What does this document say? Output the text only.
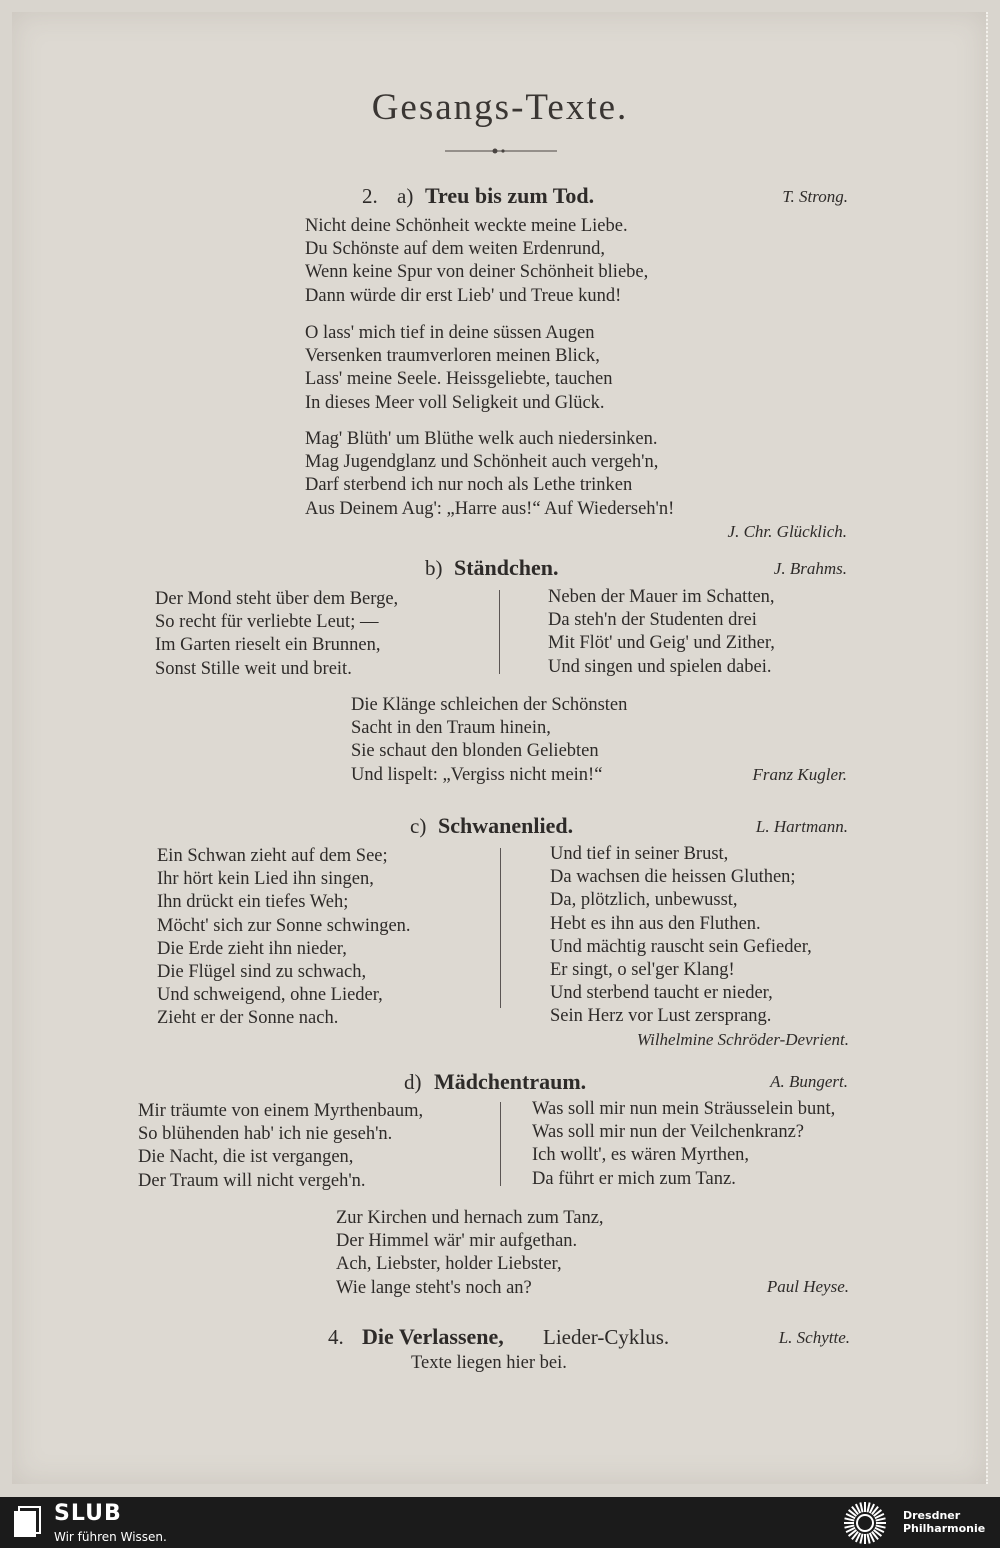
Gesangs-Texte.
2. a) Treu bis zum Tod.	T. Strong.
Nicht deine Schönheit weckte meine Liebe.
Du Schönste auf dem weiten Erdenrund,
Wenn keine Spur von deiner Schönheit bliebe,
Dann würde dir erst Lieb' und Treue kund!
O lass' mich tief in deine süssen Augen
Versenken traumverloren meinen Blick,
Lass' meine Seele. Heissgeliebte, tauchen
In dieses Meer voll Seligkeit und Glück.
Mag' Blüth' um Blüthe welk auch niedersinken.
Mag Jugendglanz und Schönheit auch vergeh'n,
Darf sterbend ich nur noch als Lethe trinken
Aus Deinem Aug': „Harre aus!“ Auf Wiederseh'n!
J. Chr. Glücklich.
b) Ständchen.	J. Brahms.
Der Mond steht über dem Berge,
So recht für verliebte Leut; —
Im Garten rieselt ein Brunnen,
Sonst Stille weit und breit.
Neben der Mauer im Schatten,
Da steh'n der Studenten drei
Mit Flöt' und Geig' und Zither,
Und singen und spielen dabei.
Die Klänge schleichen der Schönsten
Sacht in den Traum hinein,
Sie schaut den blonden Geliebten
Und lispelt: „Vergiss nicht mein!“	Franz Kugler.
c) Schwanenlied.	L. Hartmann.
Ein Schwan zieht auf dem See;
Ihr hört kein Lied ihn singen,
Ihn drückt ein tiefes Weh;
Möcht' sich zur Sonne schwingen.
Die Erde zieht ihn nieder,
Die Flügel sind zu schwach,
Und schweigend, ohne Lieder,
Zieht er der Sonne nach.
Und tief in seiner Brust,
Da wachsen die heissen Gluthen;
Da, plötzlich, unbewusst,
Hebt es ihn aus den Fluthen.
Und mächtig rauscht sein Gefieder,
Er singt, o sel'ger Klang!
Und sterbend taucht er nieder,
Sein Herz vor Lust zersprang.
Wilhelmine Schröder-Devrient.
d) Mädchentraum.	A. Bungert.
Mir träumte von einem Myrthenbaum,
So blühenden hab' ich nie geseh'n.
Die Nacht, die ist vergangen,
Der Traum will nicht vergeh'n.
Was soll mir nun mein Sträusselein bunt,
Was soll mir nun der Veilchenkranz?
Ich wollt', es wären Myrthen,
Da führt er mich zum Tanz.
Zur Kirchen und hernach zum Tanz,
Der Himmel wär' mir aufgethan.
Ach, Liebster, holder Liebster,
Wie lange steht's noch an?	Paul Heyse.
4. Die Verlassene, Lieder-Cyklus.	L. Schytte.
Texte liegen hier bei.
SLUB
Wir führen Wissen.
Dresdner
Philharmonie
